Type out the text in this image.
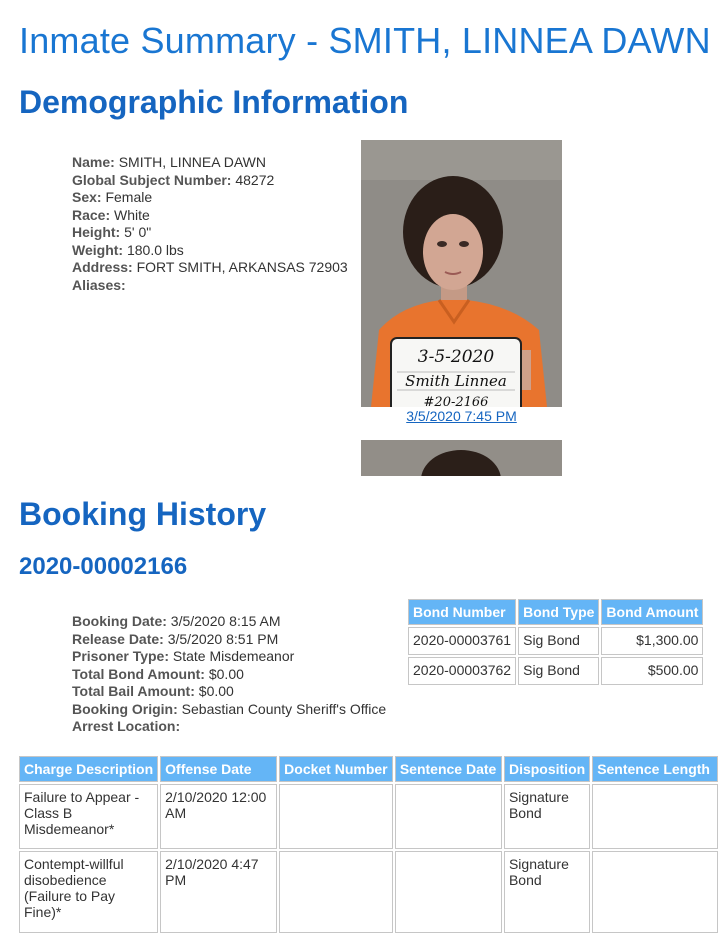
Inmate Summary - SMITH, LINNEA DAWN
Demographic Information
Name: SMITH, LINNEA DAWN
Global Subject Number: 48272
Sex: Female
Race: White
Height: 5' 0"
Weight: 180.0 lbs
Address: FORT SMITH, ARKANSAS 72903
Aliases:
3-5-2020
Smith Linnea
#20-2166
3/5/2020 7:45 PM
Booking History
2020-00002166
Booking Date: 3/5/2020 8:15 AM
Release Date: 3/5/2020 8:51 PM
Prisoner Type: State Misdemeanor
Total Bond Amount: $0.00
Total Bail Amount: $0.00
Booking Origin: Sebastian County Sheriff's Office
Arrest Location:
Bond Number	Bond Type	Bond Amount
2020-00003761	Sig Bond	$1,300.00
2020-00003762	Sig Bond	$500.00
Charge Description	Offense Date	Docket Number	Sentence Date	Disposition	Sentence Length
Failure to Appear - Class B Misdemeanor*	2/10/2020 12:00 AM			Signature Bond	
Contempt-willful disobedience (Failure to Pay Fine)*	2/10/2020 4:47 PM			Signature Bond	
